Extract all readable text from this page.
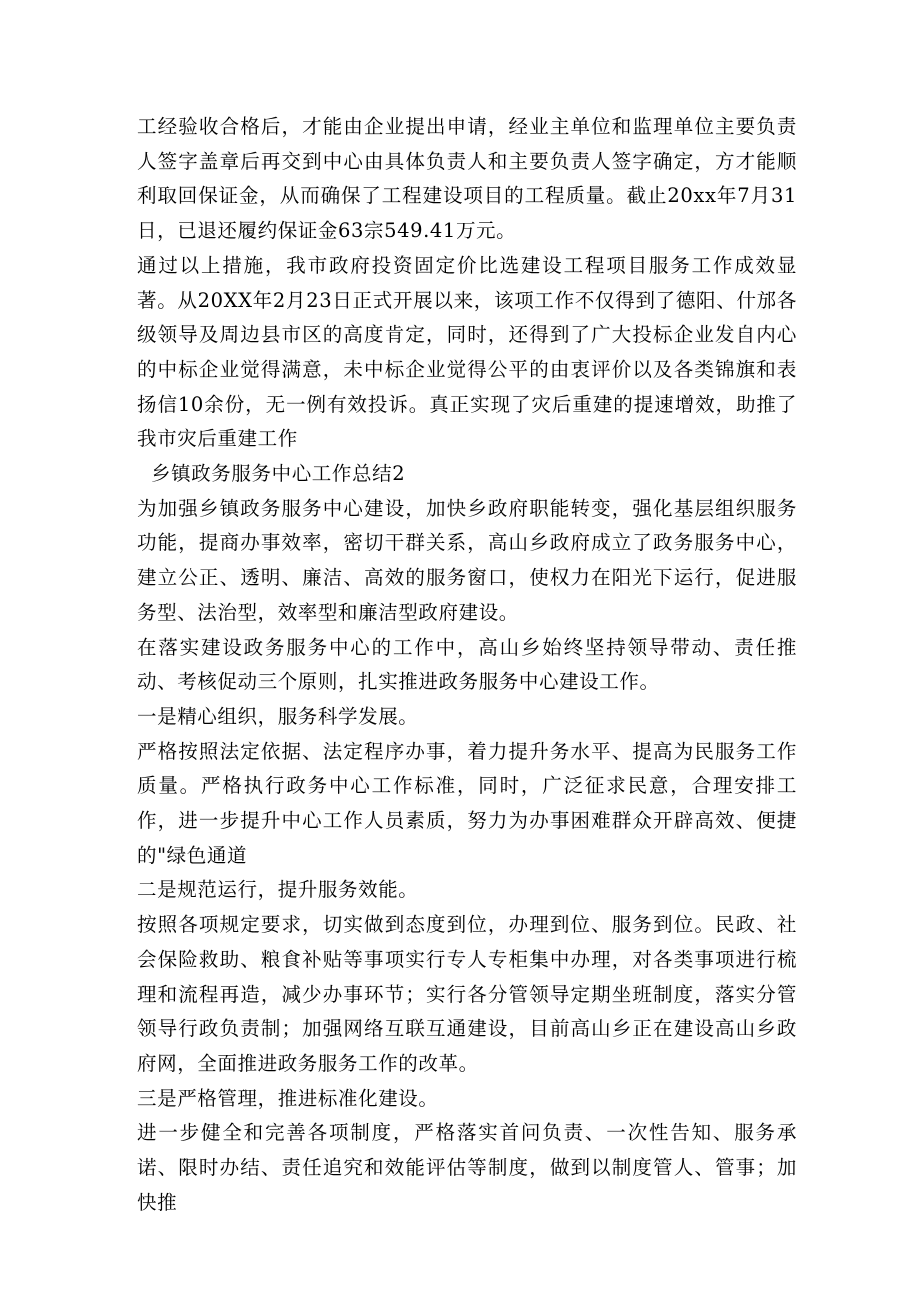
工经验收合格后，才能由企业提出申请，经业主单位和监理单位主要负责人签字盖章后再交到中心由具体负责人和主要负责人签字确定，方才能顺利取回保证金，从而确保了工程建设项目的工程质量。截止20xx年7月31日，已退还履约保证金63宗549.41万元。

通过以上措施，我市政府投资固定价比选建设工程项目服务工作成效显著。从20XX年2月23日正式开展以来，该项工作不仅得到了德阳、什邡各级领导及周边县市区的高度肯定，同时，还得到了广大投标企业发自内心的中标企业觉得满意，未中标企业觉得公平的由衷评价以及各类锦旗和表扬信10余份，无一例有效投诉。真正实现了灾后重建的提速增效，助推了我市灾后重建工作

乡镇政务服务中心工作总结2

为加强乡镇政务服务中心建设，加快乡政府职能转变，强化基层组织服务功能，提商办事效率，密切干群关系，高山乡政府成立了政务服务中心，建立公正、透明、廉洁、高效的服务窗口，使权力在阳光下运行，促进服务型、法治型，效率型和廉洁型政府建设。

在落实建设政务服务中心的工作中，高山乡始终坚持领导带动、责任推动、考核促动三个原则，扎实推进政务服务中心建设工作。

一是精心组织，服务科学发展。

严格按照法定依据、法定程序办事，着力提升务水平、提高为民服务工作质量。严格执行政务中心工作标准，同时，广泛征求民意，合理安排工作，进一步提升中心工作人员素质，努力为办事困难群众开辟高效、便捷的"绿色通道

二是规范运行，提升服务效能。

按照各项规定要求，切实做到态度到位，办理到位、服务到位。民政、社会保险救助、粮食补贴等事项实行专人专柜集中办理，对各类事项进行梳理和流程再造，减少办事环节；实行各分管领导定期坐班制度，落实分管领导行政负责制；加强网络互联互通建设，目前高山乡正在建设高山乡政府网，全面推进政务服务工作的改革。

三是严格管理，推进标准化建设。

进一步健全和完善各项制度，严格落实首问负责、一次性告知、服务承诺、限时办结、责任追究和效能评估等制度，做到以制度管人、管事；加快推
